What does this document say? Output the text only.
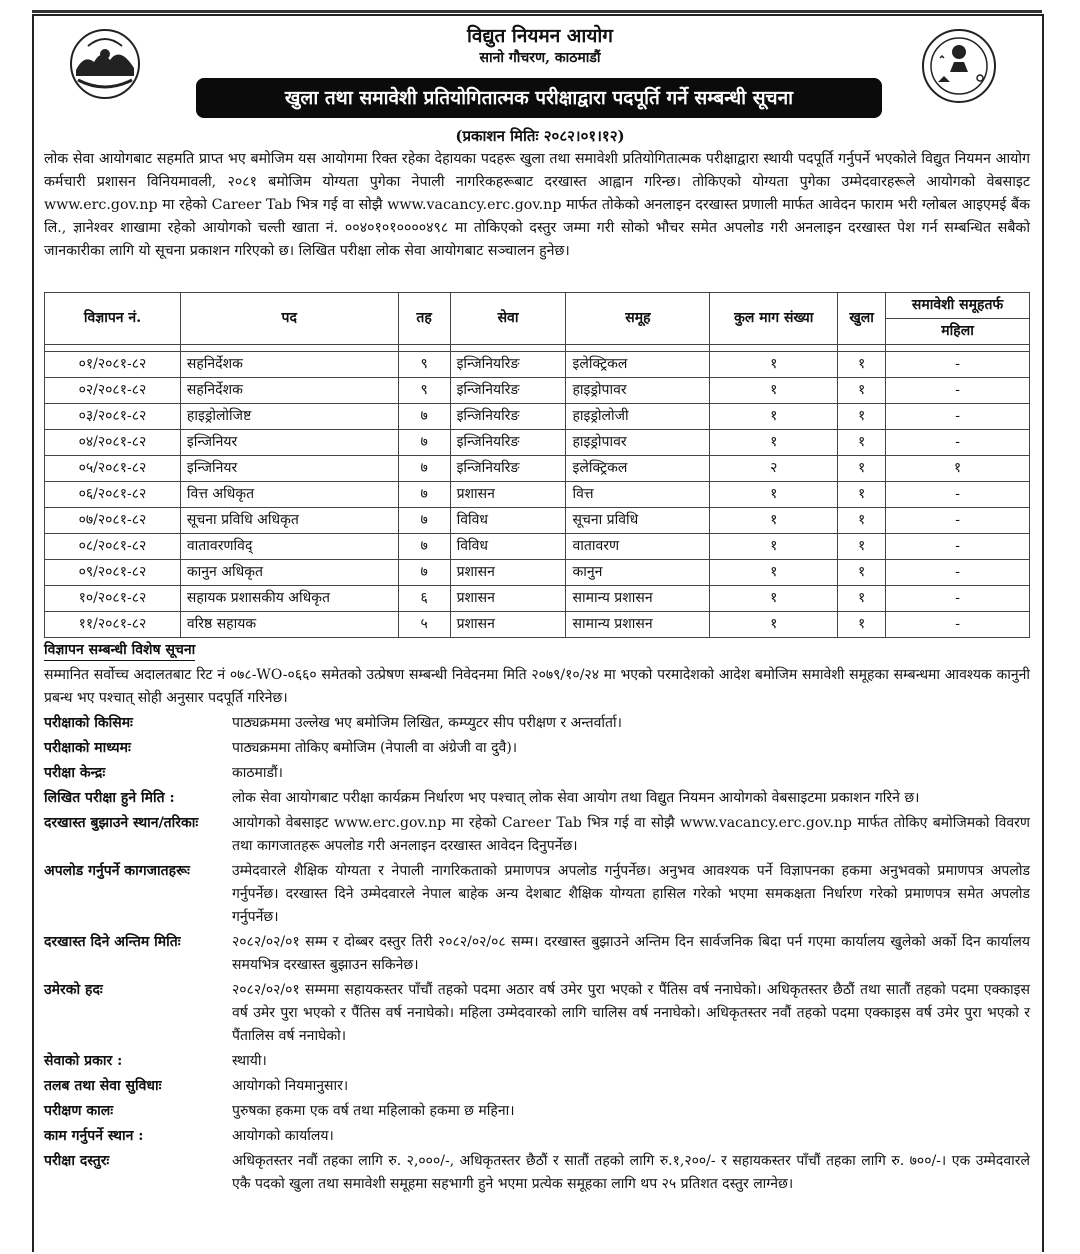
विद्युत नियमन आयोग
सानो गौचरण, काठमाडौं
खुला तथा समावेशी प्रतियोगितात्मक परीक्षाद्वारा पदपूर्ति गर्ने सम्बन्धी सूचना
(प्रकाशन मितिः २०८२।०१।१२)
लोक सेवा आयोगबाट सहमति प्राप्त भए बमोजिम यस आयोगमा रिक्त रहेका देहायका पदहरू खुला तथा समावेशी प्रतियोगितात्मक परीक्षाद्वारा स्थायी पदपूर्ति गर्नुपर्ने भएकोले विद्युत नियमन आयोग कर्मचारी प्रशासन विनियमावली, २०८१ बमोजिम योग्यता पुगेका नेपाली नागरिकहरूबाट दरखास्त आह्वान गरिन्छ। तोकिएको योग्यता पुगेका उम्मेदवारहरूले आयोगको वेबसाइट www.erc.gov.np मा रहेको Career Tab भित्र गई वा सोझै www.vacancy.erc.gov.np मार्फत तोकेको अनलाइन दरखास्त प्रणाली मार्फत आवेदन फाराम भरी ग्लोबल आइएमई बैंक लि., ज्ञानेश्वर शाखामा रहेको आयोगको चल्ती खाता नं. ००४०१०१००००४९८ मा तोकिएको दस्तुर जम्मा गरी सोको भौचर समेत अपलोड गरी अनलाइन दरखास्त पेश गर्न सम्बन्धित सबैको जानकारीका लागि यो सूचना प्रकाशन गरिएको छ। लिखित परीक्षा लोक सेवा आयोगबाट सञ्चालन हुनेछ।
विज्ञापन नं.	पद	तह	सेवा	समूह	कुल माग संख्या	खुला	समावेशी समूहतर्फ
							महिला

०१/२०८१-८२	सहनिर्देशक	९	इन्जिनियरिङ	इलेक्ट्रिकल	१	१	-
०२/२०८१-८२	सहनिर्देशक	९	इन्जिनियरिङ	हाइड्रोपावर	१	१	-
०३/२०८१-८२	हाइड्रोलोजिष्ट	७	इन्जिनियरिङ	हाइड्रोलोजी	१	१	-
०४/२०८१-८२	इन्जिनियर	७	इन्जिनियरिङ	हाइड्रोपावर	१	१	-
०५/२०८१-८२	इन्जिनियर	७	इन्जिनियरिङ	इलेक्ट्रिकल	२	१	१
०६/२०८१-८२	वित्त अधिकृत	७	प्रशासन	वित्त	१	१	-
०७/२०८१-८२	सूचना प्रविधि अधिकृत	७	विविध	सूचना प्रविधि	१	१	-
०८/२०८१-८२	वातावरणविद्	७	विविध	वातावरण	१	१	-
०९/२०८१-८२	कानुन अधिकृत	७	प्रशासन	कानुन	१	१	-
१०/२०८१-८२	सहायक प्रशासकीय अधिकृत	६	प्रशासन	सामान्य प्रशासन	१	१	-
११/२०८१-८२	वरिष्ठ सहायक	५	प्रशासन	सामान्य प्रशासन	१	१	-
विज्ञापन सम्बन्धी विशेष सूचना
सम्मानित सर्वोच्च अदालतबाट रिट नं ०७८-WO-०६६० समेतको उत्प्रेषण सम्बन्धी निवेदनमा मिति २०७९/१०/२४ मा भएको परमादेशको आदेश बमोजिम समावेशी समूहका सम्बन्धमा आवश्यक कानुनी प्रबन्ध भए पश्चात् सोही अनुसार पदपूर्ति गरिनेछ।
परीक्षाको किसिमः	पाठ्यक्रममा उल्लेख भए बमोजिम लिखित, कम्प्युटर सीप परीक्षण र अन्तर्वार्ता।
परीक्षाको माध्यमः	पाठ्यक्रममा तोकिए बमोजिम (नेपाली वा अंग्रेजी वा दुवै)।
परीक्षा केन्द्रः	काठमाडौं।
लिखित परीक्षा हुने मिति :	लोक सेवा आयोगबाट परीक्षा कार्यक्रम निर्धारण भए पश्चात् लोक सेवा आयोग तथा विद्युत नियमन आयोगको वेबसाइटमा प्रकाशन गरिने छ।
दरखास्त बुझाउने स्थान/तरिकाः	आयोगको वेबसाइट www.erc.gov.np मा रहेको Career Tab भित्र गई वा सोझै www.vacancy.erc.gov.np मार्फत तोकिए बमोजिमको विवरण तथा कागजातहरू अपलोड गरी अनलाइन दरखास्त आवेदन दिनुपर्नेछ।
अपलोड गर्नुपर्ने कागजातहरूः	उम्मेदवारले शैक्षिक योग्यता र नेपाली नागरिकताको प्रमाणपत्र अपलोड गर्नुपर्नेछ। अनुभव आवश्यक पर्ने विज्ञापनका हकमा अनुभवको प्रमाणपत्र अपलोड गर्नुपर्नेछ। दरखास्त दिने उम्मेदवारले नेपाल बाहेक अन्य देशबाट शैक्षिक योग्यता हासिल गरेको भएमा समकक्षता निर्धारण गरेको प्रमाणपत्र समेत अपलोड गर्नुपर्नेछ।
दरखास्त दिने अन्तिम मितिः	२०८२/०२/०१ सम्म र दोब्बर दस्तुर तिरी २०८२/०२/०८ सम्म। दरखास्त बुझाउने अन्तिम दिन सार्वजनिक बिदा पर्न गएमा कार्यालय खुलेको अर्को दिन कार्यालय समयभित्र दरखास्त बुझाउन सकिनेछ।
उमेरको हदः	२०८२/०२/०१ सम्ममा सहायकस्तर पाँचौं तहको पदमा अठार वर्ष उमेर पुरा भएको र पैंतिस वर्ष ननाघेको। अधिकृतस्तर छैठौं तथा सातौं तहको पदमा एक्काइस वर्ष उमेर पुरा भएको र पैंतिस वर्ष ननाघेको। महिला उम्मेदवारको लागि चालिस वर्ष ननाघेको। अधिकृतस्तर नवौं तहको पदमा एक्काइस वर्ष उमेर पुरा भएको र पैंतालिस वर्ष ननाघेको।
सेवाको प्रकार :	स्थायी।
तलब तथा सेवा सुविधाः	आयोगको नियमानुसार।
परीक्षण कालः	पुरुषका हकमा एक वर्ष तथा महिलाको हकमा छ महिना।
काम गर्नुपर्ने स्थान :	आयोगको कार्यालय।
परीक्षा दस्तुरः	अधिकृतस्तर नवौं तहका लागि रु. २,०००/-, अधिकृतस्तर छैठौं र सातौं तहको लागि रु.१,२००/- र सहायकस्तर पाँचौं तहका लागि रु. ७००/-। एक उम्मेदवारले एकै पदको खुला तथा समावेशी समूहमा सहभागी हुने भएमा प्रत्येक समूहका लागि थप २५ प्रतिशत दस्तुर लाग्नेछ।
